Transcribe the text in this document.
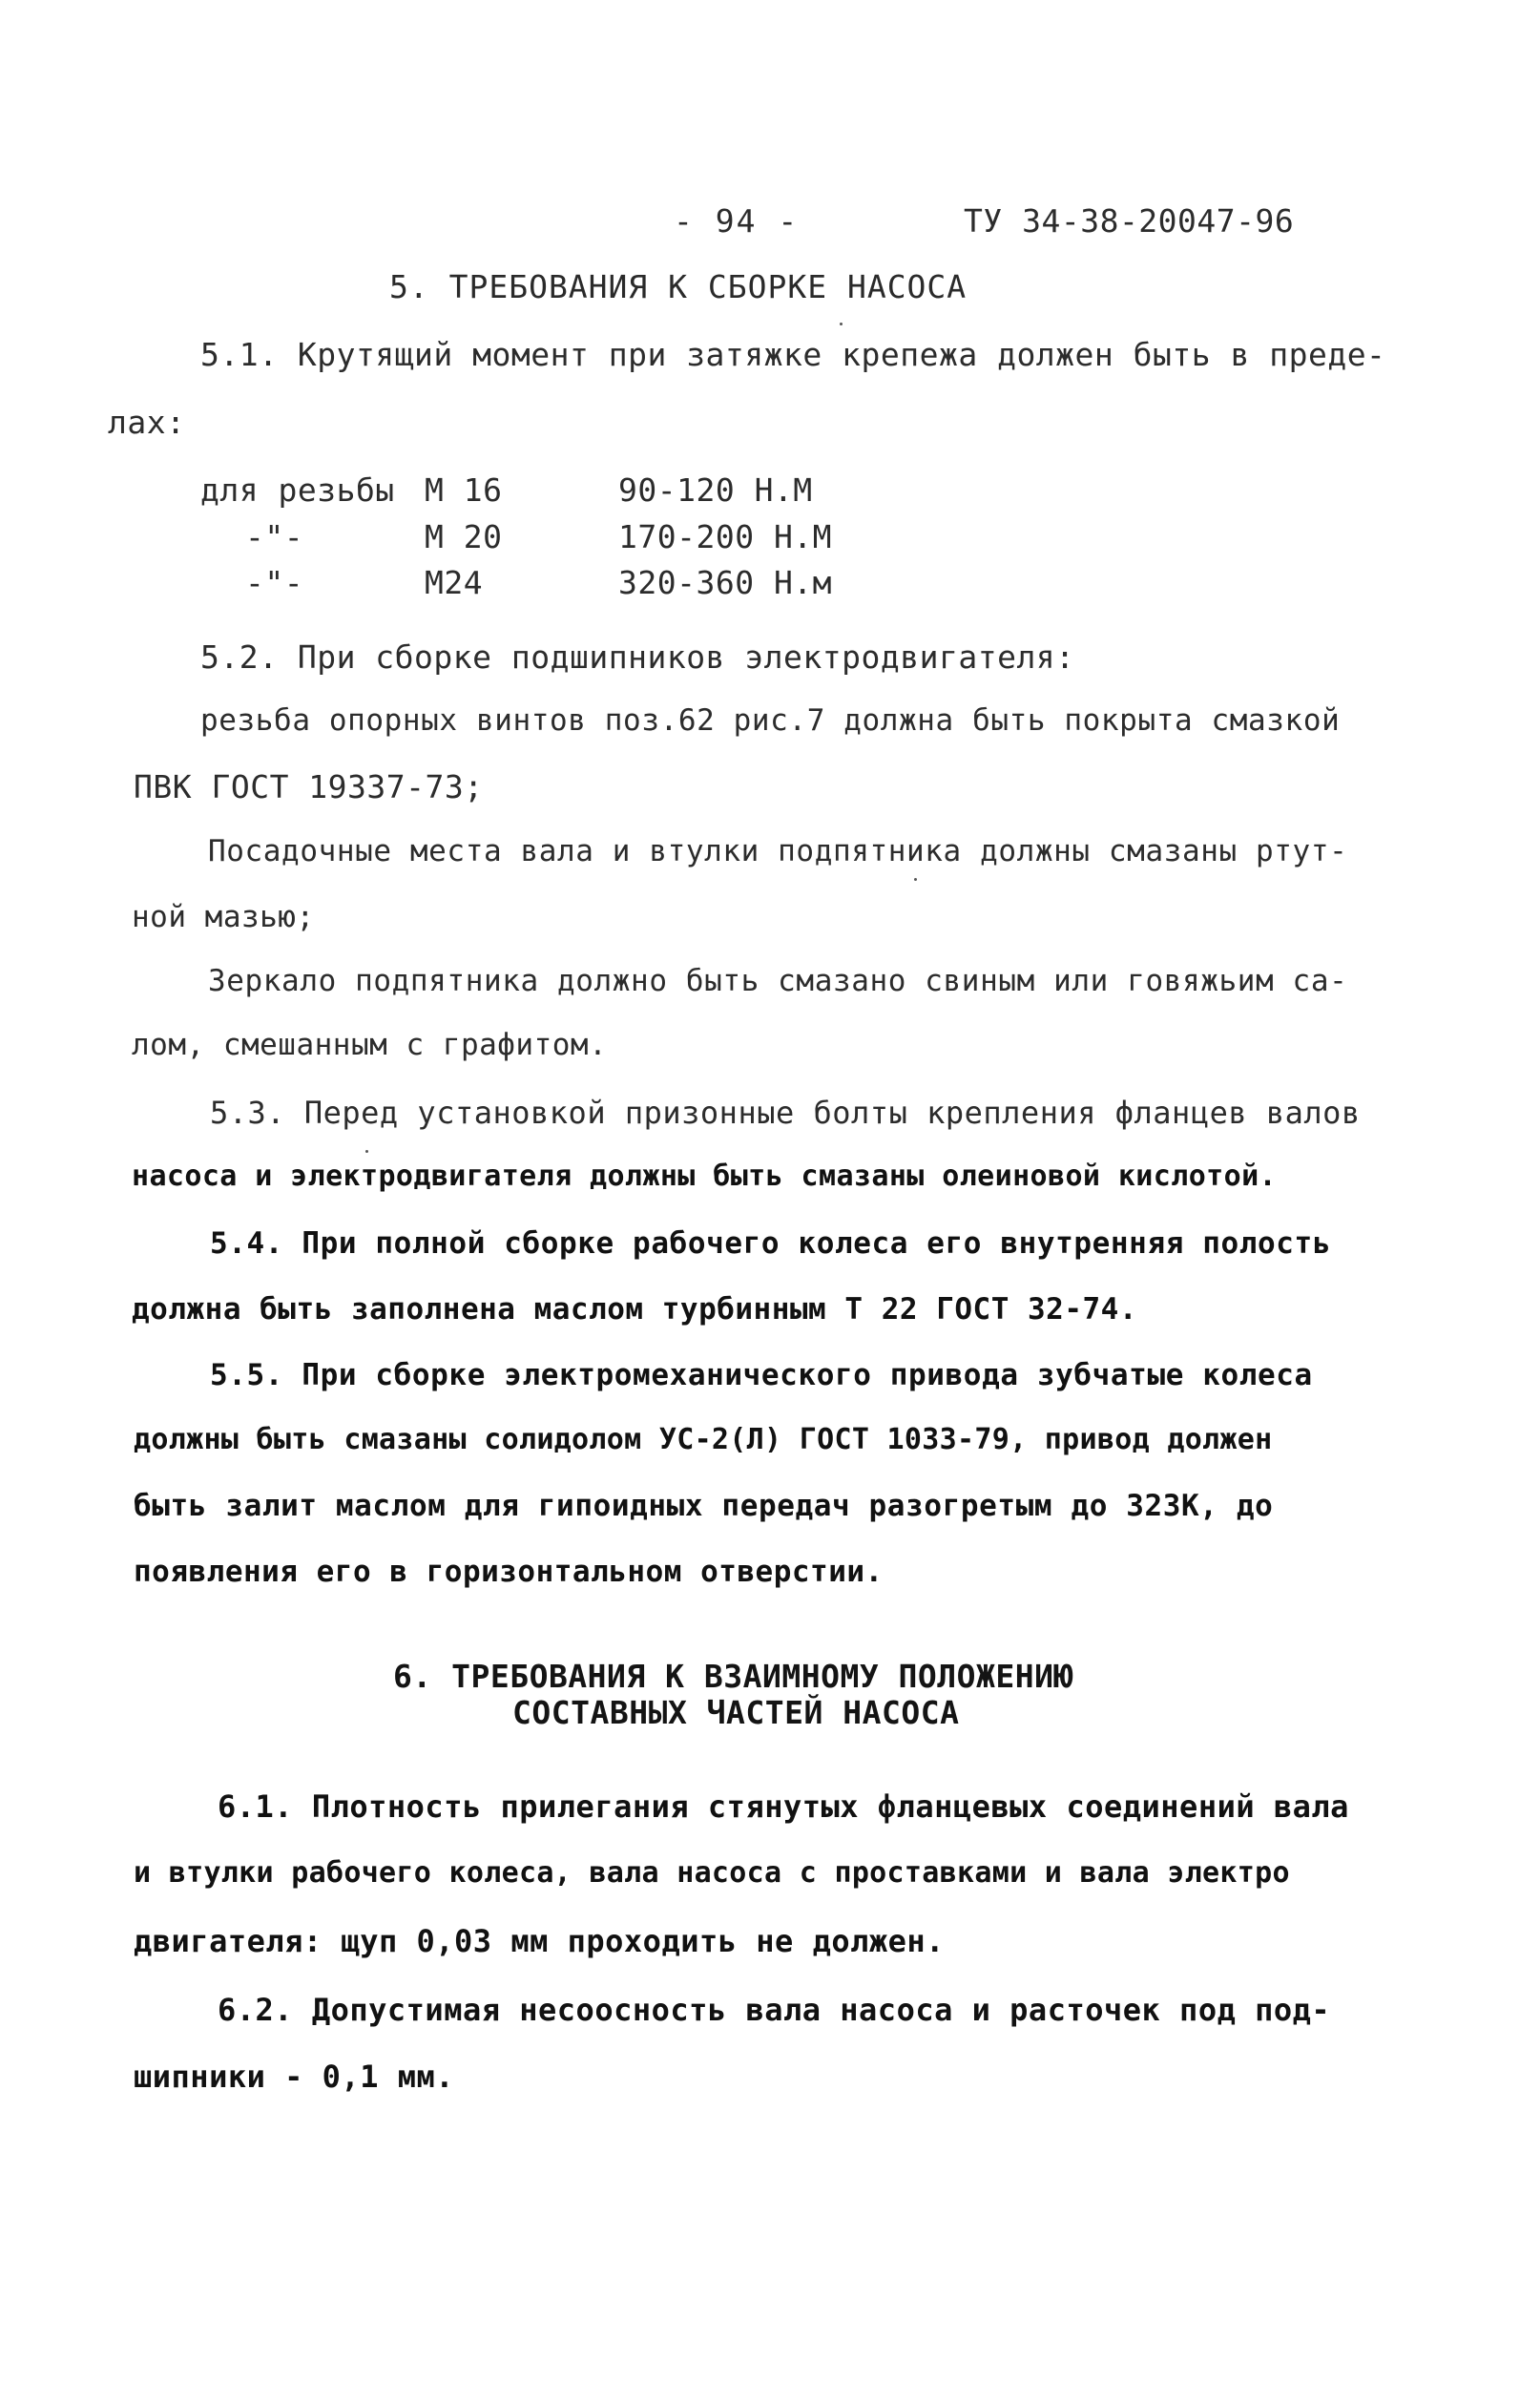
- 94 -	ТУ 34-38-20047-96
5. ТРЕБОВАНИЯ К СБОРКЕ НАСОСА
5.1. Крутящий момент при затяжке крепежа должен быть в преде-
лах:
для резьбы М 16	90-120 Н.М
-"-	М 20	170-200 Н.М
-"-	М24	320-360 Н.м
5.2. При сборке подшипников электродвигателя:
резьба опорных винтов поз.62 рис.7 должна быть покрыта смазкой
ПВК ГОСТ 19337-73;
Посадочные места вала и втулки подпятника должны смазаны ртут-
ной мазью;
Зеркало подпятника должно быть смазано свиным или говяжьим са-
лом, смешанным с графитом.
5.3. Перед установкой призонные болты крепления фланцев валов
насоса и электродвигателя должны быть смазаны олеиновой кислотой.
5.4. При полной сборке рабочего колеса его внутренняя полость
должна быть заполнена маслом турбинным Т 22 ГОСТ 32-74.
5.5. При сборке электромеханического привода зубчатые колеса
должны быть смазаны солидолом УС-2(Л) ГОСТ 1033-79, привод должен
быть залит маслом для гипоидных передач разогретым до 323К, до
появления его в горизонтальном отверстии.
6. ТРЕБОВАНИЯ К ВЗАИМНОМУ ПОЛОЖЕНИЮ
СОСТАВНЫХ ЧАСТЕЙ НАСОСА
6.1. Плотность прилегания стянутых фланцевых соединений вала
и втулки рабочего колеса, вала насоса с проставками и вала электро
двигателя: щуп 0,03 мм проходить не должен.
6.2. Допустимая несоосность вала насоса и расточек под под-
шипники - 0,1 мм.
